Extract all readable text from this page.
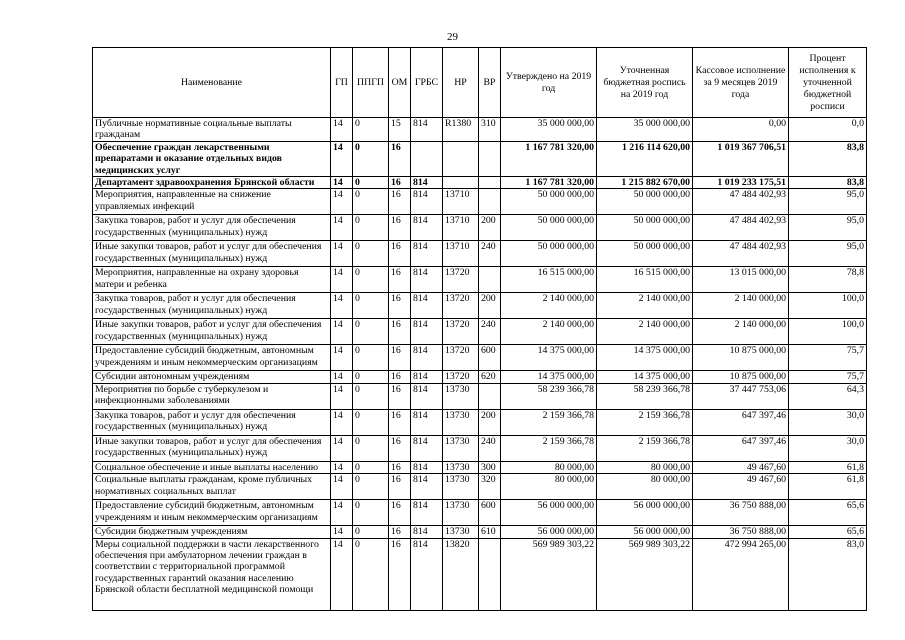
29
Наименование	ГП	ППГП	ОМ	ГРБС	НР	ВР	Утверждено на 2019 год	Уточненная бюджетная роспись на 2019 год	Кассовое исполнение за 9 месяцев 2019 года	Процент исполнения к уточненной бюджетной росписи
Публичные нормативные социальные выплаты гражданам	14	0	15	814	R1380	310	35 000 000,00	35 000 000,00	0,00	0,0
Обеспечение граждан лекарственными препаратами и оказание отдельных видов медицинских услуг	14	0	16				1 167 781 320,00	1 216 114 620,00	1 019 367 706,51	83,8
Департамент здравоохранения Брянской области	14	0	16	814			1 167 781 320,00	1 215 882 670,00	1 019 233 175,51	83,8
Мероприятия, направленные на снижение управляемых инфекций	14	0	16	814	13710		50 000 000,00	50 000 000,00	47 484 402,93	95,0
Закупка товаров, работ и услуг для обеспечения государственных (муниципальных) нужд	14	0	16	814	13710	200	50 000 000,00	50 000 000,00	47 484 402,93	95,0
Иные закупки товаров, работ и услуг для обеспечения государственных (муниципальных) нужд	14	0	16	814	13710	240	50 000 000,00	50 000 000,00	47 484 402,93	95,0
Мероприятия, направленные на охрану здоровья матери и ребенка	14	0	16	814	13720		16 515 000,00	16 515 000,00	13 015 000,00	78,8
Закупка товаров, работ и услуг для обеспечения государственных (муниципальных) нужд	14	0	16	814	13720	200	2 140 000,00	2 140 000,00	2 140 000,00	100,0
Иные закупки товаров, работ и услуг для обеспечения государственных (муниципальных) нужд	14	0	16	814	13720	240	2 140 000,00	2 140 000,00	2 140 000,00	100,0
Предоставление субсидий бюджетным, автономным учреждениям и иным некоммерческим организациям	14	0	16	814	13720	600	14 375 000,00	14 375 000,00	10 875 000,00	75,7
Субсидии автономным учреждениям	14	0	16	814	13720	620	14 375 000,00	14 375 000,00	10 875 000,00	75,7
Мероприятия по борьбе с туберкулезом и инфекционными заболеваниями	14	0	16	814	13730		58 239 366,78	58 239 366,78	37 447 753,06	64,3
Закупка товаров, работ и услуг для обеспечения государственных (муниципальных) нужд	14	0	16	814	13730	200	2 159 366,78	2 159 366,78	647 397,46	30,0
Иные закупки товаров, работ и услуг для обеспечения государственных (муниципальных) нужд	14	0	16	814	13730	240	2 159 366,78	2 159 366,78	647 397,46	30,0
Социальное обеспечение и иные выплаты населению	14	0	16	814	13730	300	80 000,00	80 000,00	49 467,60	61,8
Социальные выплаты гражданам, кроме публичных нормативных социальных выплат	14	0	16	814	13730	320	80 000,00	80 000,00	49 467,60	61,8
Предоставление субсидий бюджетным, автономным учреждениям и иным некоммерческим организациям	14	0	16	814	13730	600	56 000 000,00	56 000 000,00	36 750 888,00	65,6
Субсидии бюджетным учреждениям	14	0	16	814	13730	610	56 000 000,00	56 000 000,00	36 750 888,00	65,6
Меры социальной поддержки в части лекарственного обеспечения при амбулаторном лечении граждан в соответствии с территориальной программой государственных гарантий оказания населению Брянской области бесплатной медицинской помощи	14	0	16	814	13820		569 989 303,22	569 989 303,22	472 994 265,00	83,0
